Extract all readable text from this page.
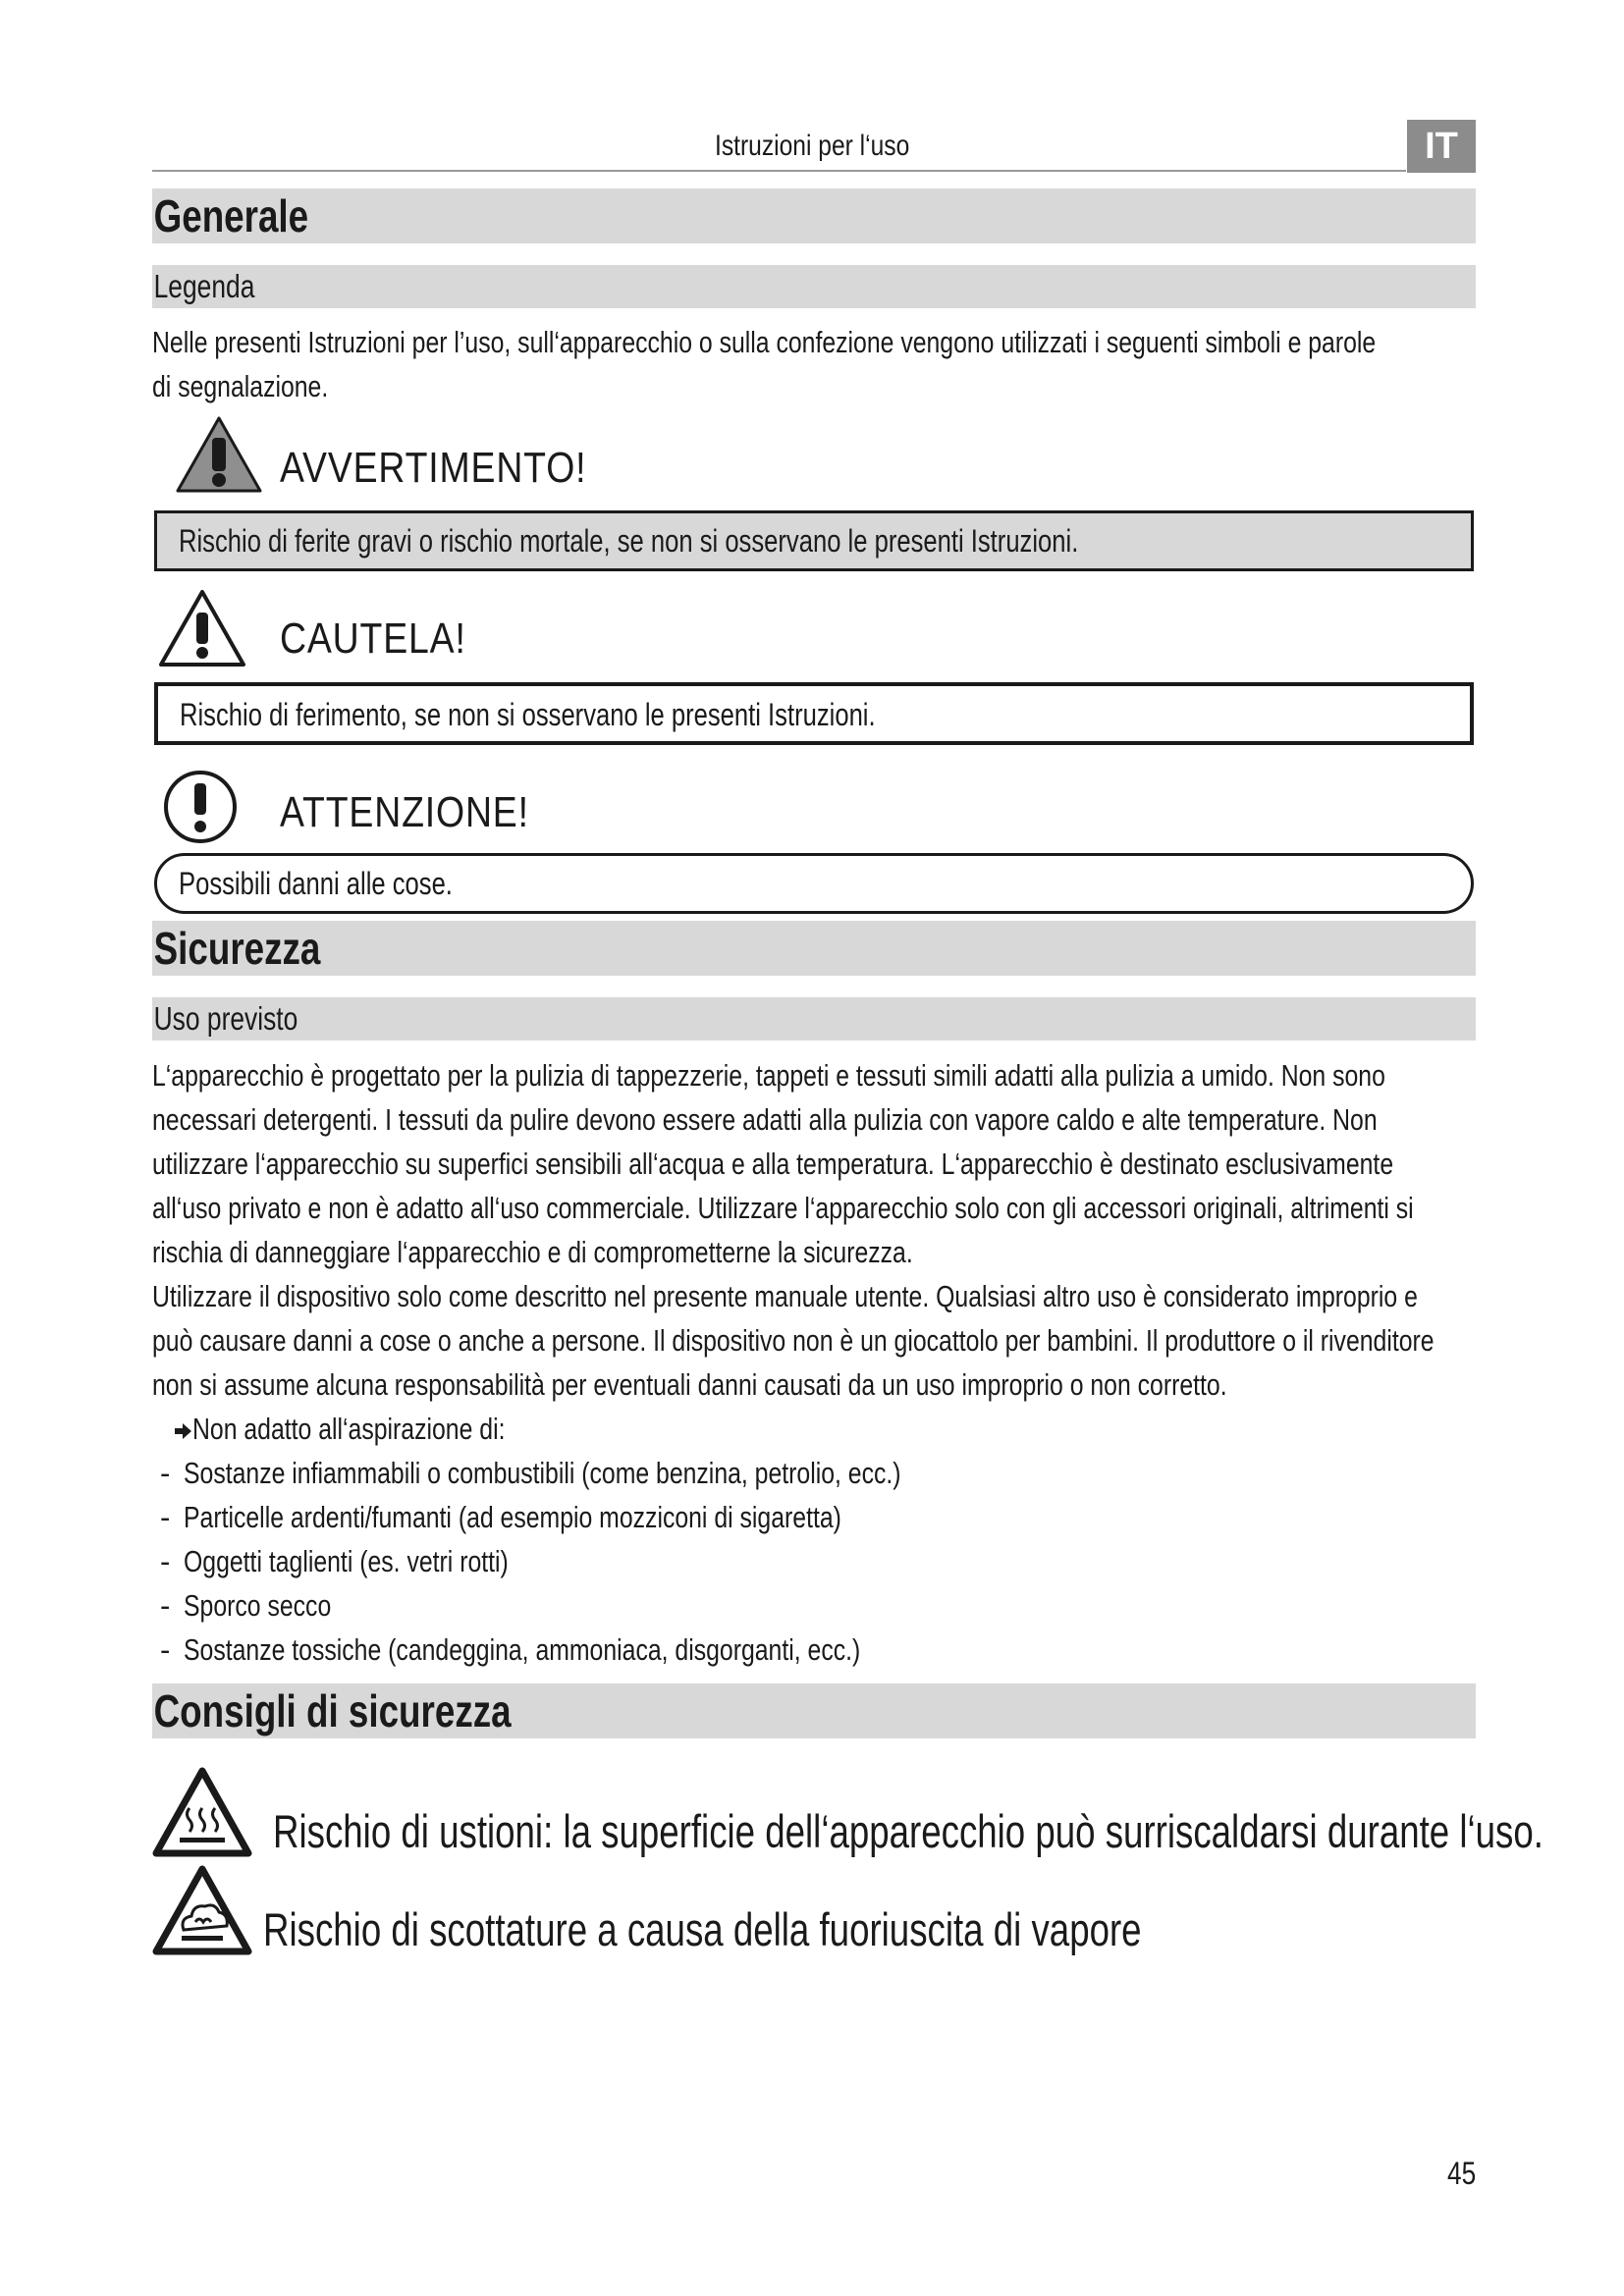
Istruzioni per l‘uso	IT
Generale
Legenda

Nelle presenti Istruzioni per l’uso, sull‘apparecchio o sulla confezione vengono utilizzati i seguenti simboli e parole

di segnalazione.

AVVERTIMENTO!
Rischio di ferite gravi o rischio mortale, se non si osservano le presenti Istruzioni.
CAUTELA!
Rischio di ferimento, se non si osservano le presenti Istruzioni.
ATTENZIONE!
Possibili danni alle cose.
Sicurezza
Uso previsto

L‘apparecchio è progettato per la pulizia di tappezzerie, tappeti e tessuti simili adatti alla pulizia a umido. Non sono

necessari detergenti. I tessuti da pulire devono essere adatti alla pulizia con vapore caldo e alte temperature. Non

utilizzare l‘apparecchio su superfici sensibili all‘acqua e alla temperatura. L‘apparecchio è destinato esclusivamente

all‘uso privato e non è adatto all‘uso commerciale. Utilizzare l‘apparecchio solo con gli accessori originali, altrimenti si

rischia di danneggiare l‘apparecchio e di comprometterne la sicurezza.

Utilizzare il dispositivo solo come descritto nel presente manuale utente. Qualsiasi altro uso è considerato improprio e

può causare danni a cose o anche a persone. Il dispositivo non è un giocattolo per bambini. Il produttore o il rivenditore

non si assume alcuna responsabilità per eventuali danni causati da un uso improprio o non corretto.

Non adatto all‘aspirazione di:
- Sostanze infiammabili o combustibili (come benzina, petrolio, ecc.)
- Particelle ardenti/fumanti (ad esempio mozziconi di sigaretta)
- Oggetti taglienti (es. vetri rotti)
- Sporco secco
- Sostanze tossiche (candeggina, ammoniaca, disgorganti, ecc.)
Consigli di sicurezza
Rischio di ustioni: la superficie dell‘apparecchio può surriscaldarsi durante l‘uso.
Rischio di scottature a causa della fuoriuscita di vapore
45
